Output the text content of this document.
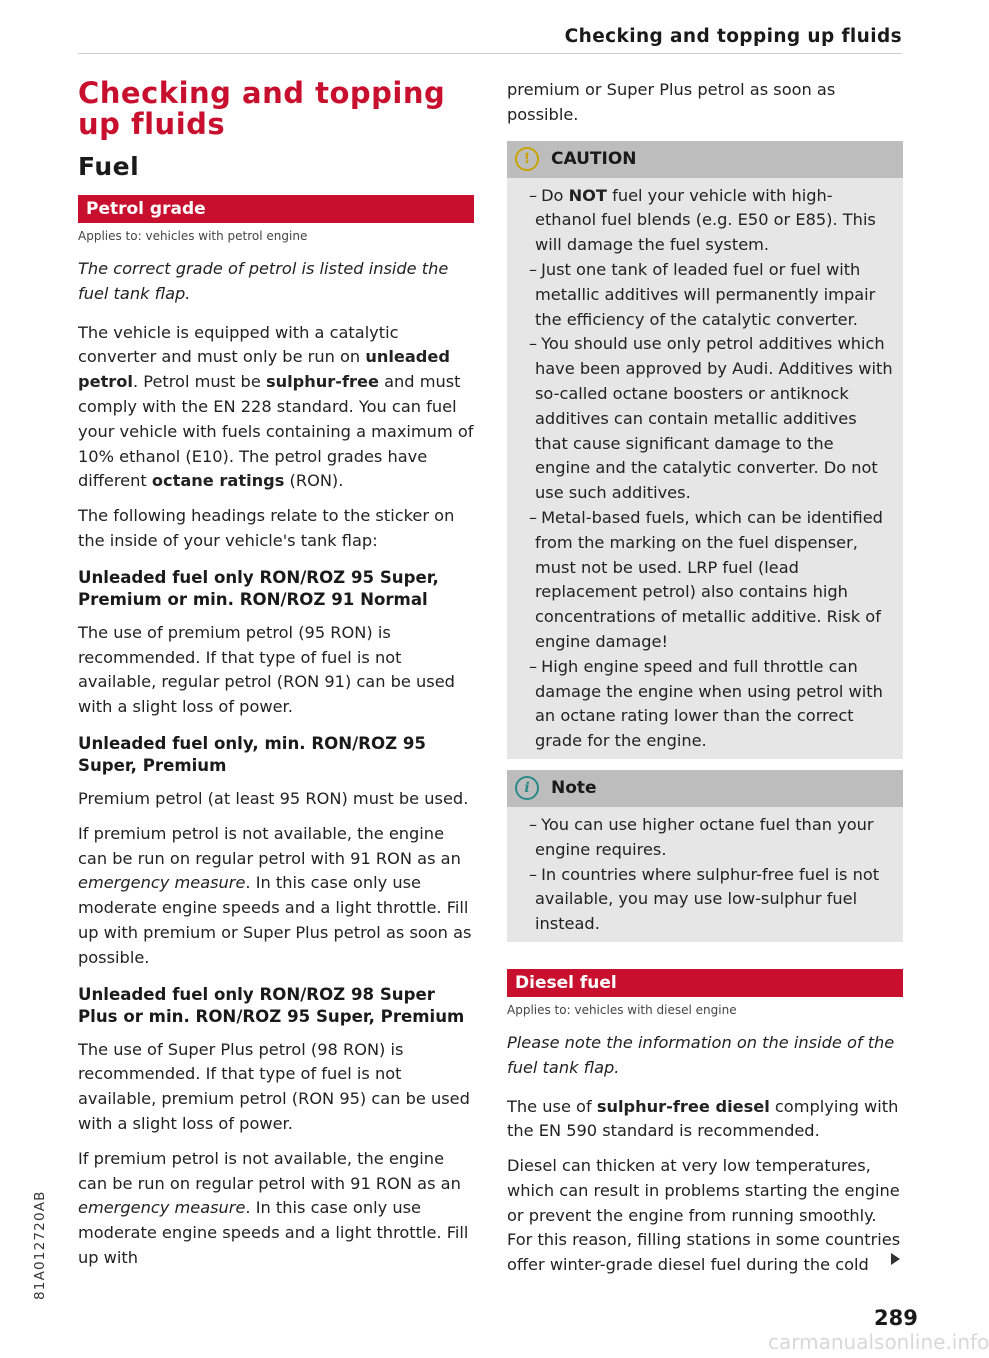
Checking and topping up fluids
Checking and topping up fluids
Fuel
Petrol grade
Applies to: vehicles with petrol engine

The correct grade of petrol is listed inside the fuel tank flap.

The vehicle is equipped with a catalytic converter and must only be run on unleaded petrol. Petrol must be sulphur-free and must comply with the EN 228 standard. You can fuel your vehicle with fuels containing a maximum of 10% ethanol (E10). The petrol grades have different octane ratings (RON).

The following headings relate to the sticker on the inside of your vehicle's tank flap:

Unleaded fuel only RON/ROZ 95 Super, Premium or min. RON/ROZ 91 Normal

The use of premium petrol (95 RON) is recommended. If that type of fuel is not available, regular petrol (RON 91) can be used with a slight loss of power.

Unleaded fuel only, min. RON/ROZ 95 Super, Premium

Premium petrol (at least 95 RON) must be used.

If premium petrol is not available, the engine can be run on regular petrol with 91 RON as an emergency measure. In this case only use moderate engine speeds and a light throttle. Fill up with premium or Super Plus petrol as soon as possible.

Unleaded fuel only RON/ROZ 98 Super Plus or min. RON/ROZ 95 Super, Premium

The use of Super Plus petrol (98 RON) is recommended. If that type of fuel is not available, premium petrol (RON 95) can be used with a slight loss of power.

If premium petrol is not available, the engine can be run on regular petrol with 91 RON as an emergency measure. In this case only use moderate engine speeds and a light throttle. Fill up with

premium or Super Plus petrol as soon as possible.

!	CAUTION
– Do NOT fuel your vehicle with high-ethanol fuel blends (e.g. E50 or E85). This will damage the fuel system.
– Just one tank of leaded fuel or fuel with metallic additives will permanently impair the efficiency of the catalytic converter.
– You should use only petrol additives which have been approved by Audi. Additives with so-called octane boosters or antiknock additives can contain metallic additives that cause significant damage to the engine and the catalytic converter. Do not use such additives.
– Metal-based fuels, which can be identified from the marking on the fuel dispenser, must not be used. LRP fuel (lead replacement petrol) also contains high concentrations of metallic additive. Risk of engine damage!
– High engine speed and full throttle can damage the engine when using petrol with an octane rating lower than the correct grade for the engine.
i	Note
– You can use higher octane fuel than your engine requires.
– In countries where sulphur-free fuel is not available, you may use low-sulphur fuel instead.
Diesel fuel
Applies to: vehicles with diesel engine

Please note the information on the inside of the fuel tank flap.

The use of sulphur-free diesel complying with the EN 590 standard is recommended.

Diesel can thicken at very low temperatures, which can result in problems starting the engine or prevent the engine from running smoothly. For this reason, filling stations in some countries offer winter-grade diesel fuel during the cold

81A012720AB
289
carmanualsonline.info
